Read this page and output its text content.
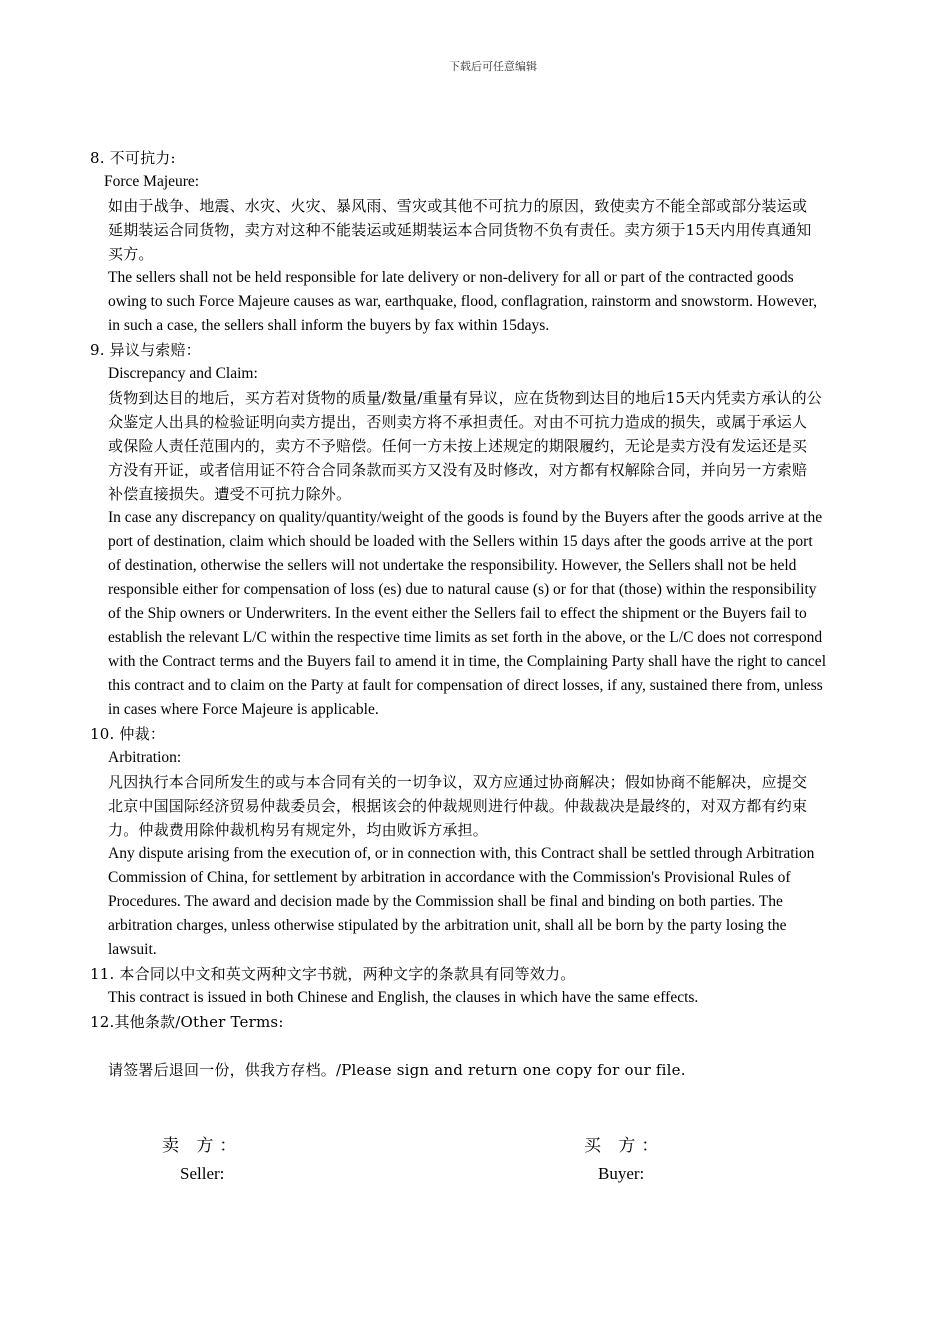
下载后可任意编辑
8. 不可抗力:
Force Majeure:
如由于战争、地震、水灾、火灾、暴风雨、雪灾或其他不可抗力的原因，致使卖方不能全部或部分装运或
延期装运合同货物，卖方对这种不能装运或延期装运本合同货物不负有责任。卖方须于15天内用传真通知
买方。
The sellers shall not be held responsible for late delivery or non-delivery for all or part of the contracted goods
owing to such Force Majeure causes as war, earthquake, flood, conflagration, rainstorm and snowstorm. However,
in such a case, the sellers shall inform the buyers by fax within 15days.
9. 异议与索赔：
Discrepancy and Claim:
货物到达目的地后，买方若对货物的质量/数量/重量有异议，应在货物到达目的地后15天内凭卖方承认的公
众鉴定人出具的检验证明向卖方提出，否则卖方将不承担责任。对由不可抗力造成的损失，或属于承运人
或保险人责任范围内的，卖方不予赔偿。任何一方未按上述规定的期限履约，无论是卖方没有发运还是买
方没有开证，或者信用证不符合合同条款而买方又没有及时修改，对方都有权解除合同，并向另一方索赔
补偿直接损失。遭受不可抗力除外。
In case any discrepancy on quality/quantity/weight of the goods is found by the Buyers after the goods arrive at the
port of destination, claim which should be loaded with the Sellers within 15 days after the goods arrive at the port
of destination, otherwise the sellers will not undertake the responsibility. However, the Sellers shall not be held
responsible either for compensation of loss (es) due to natural cause (s) or for that (those) within the responsibility
of the Ship owners or Underwriters. In the event either the Sellers fail to effect the shipment or the Buyers fail to
establish the relevant L/C within the respective time limits as set forth in the above, or the L/C does not correspond
with the Contract terms and the Buyers fail to amend it in time, the Complaining Party shall have the right to cancel
this contract and to claim on the Party at fault for compensation of direct losses, if any, sustained there from, unless
in cases where Force Majeure is applicable.
10. 仲裁：
Arbitration:
凡因执行本合同所发生的或与本合同有关的一切争议，双方应通过协商解决；假如协商不能解决，应提交
北京中国国际经济贸易仲裁委员会，根据该会的仲裁规则进行仲裁。仲裁裁决是最终的，对双方都有约束
力。仲裁费用除仲裁机构另有规定外，均由败诉方承担。
Any dispute arising from the execution of, or in connection with, this Contract shall be settled through Arbitration
Commission of China, for settlement by arbitration in accordance with the Commission's Provisional Rules of
Procedures. The award and decision made by the Commission shall be final and binding on both parties. The
arbitration charges, unless otherwise stipulated by the arbitration unit, shall all be born by the party losing the
lawsuit.
11. 本合同以中文和英文两种文字书就，两种文字的条款具有同等效力。
This contract is issued in both Chinese and English, the clauses in which have the same effects.
12.其他条款/Other Terms:
请签署后退回一份，供我方存档。/Please sign and return one copy for our file.
卖 方：
Seller:
买 方：
Buyer:
